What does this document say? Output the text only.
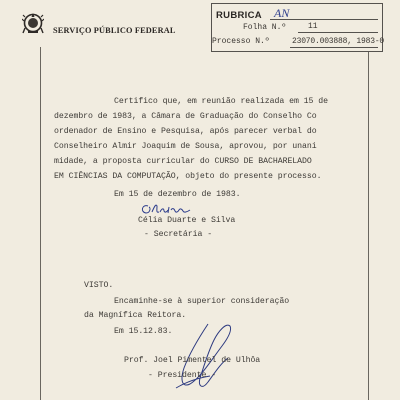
SERVIÇO PÚBLICO FEDERAL
RUBRICA AN
Folha N.º	11
Processo N.º	23070.003888, 1983-0
Certifico que, em reunião realizada em 15 de
dezembro de 1983, a Câmara de Graduação do Conselho Co
ordenador de Ensino e Pesquisa, após parecer verbal do
Conselheiro Almir Joaquim de Sousa, aprovou, por unani
midade, a proposta curricular do CURSO DE BACHARELADO
EM CIÊNCIAS DA COMPUTAÇÃO, objeto do presente processo.
Em 15 de dezembro de 1983.
Célia Duarte e Silva
- Secretária -
VISTO.
Encaminhe-se à superior consideração
da Magnífica Reitora.
Em 15.12.83.
Prof. Joel Pimentel de Ulhôa
- Presidente -
